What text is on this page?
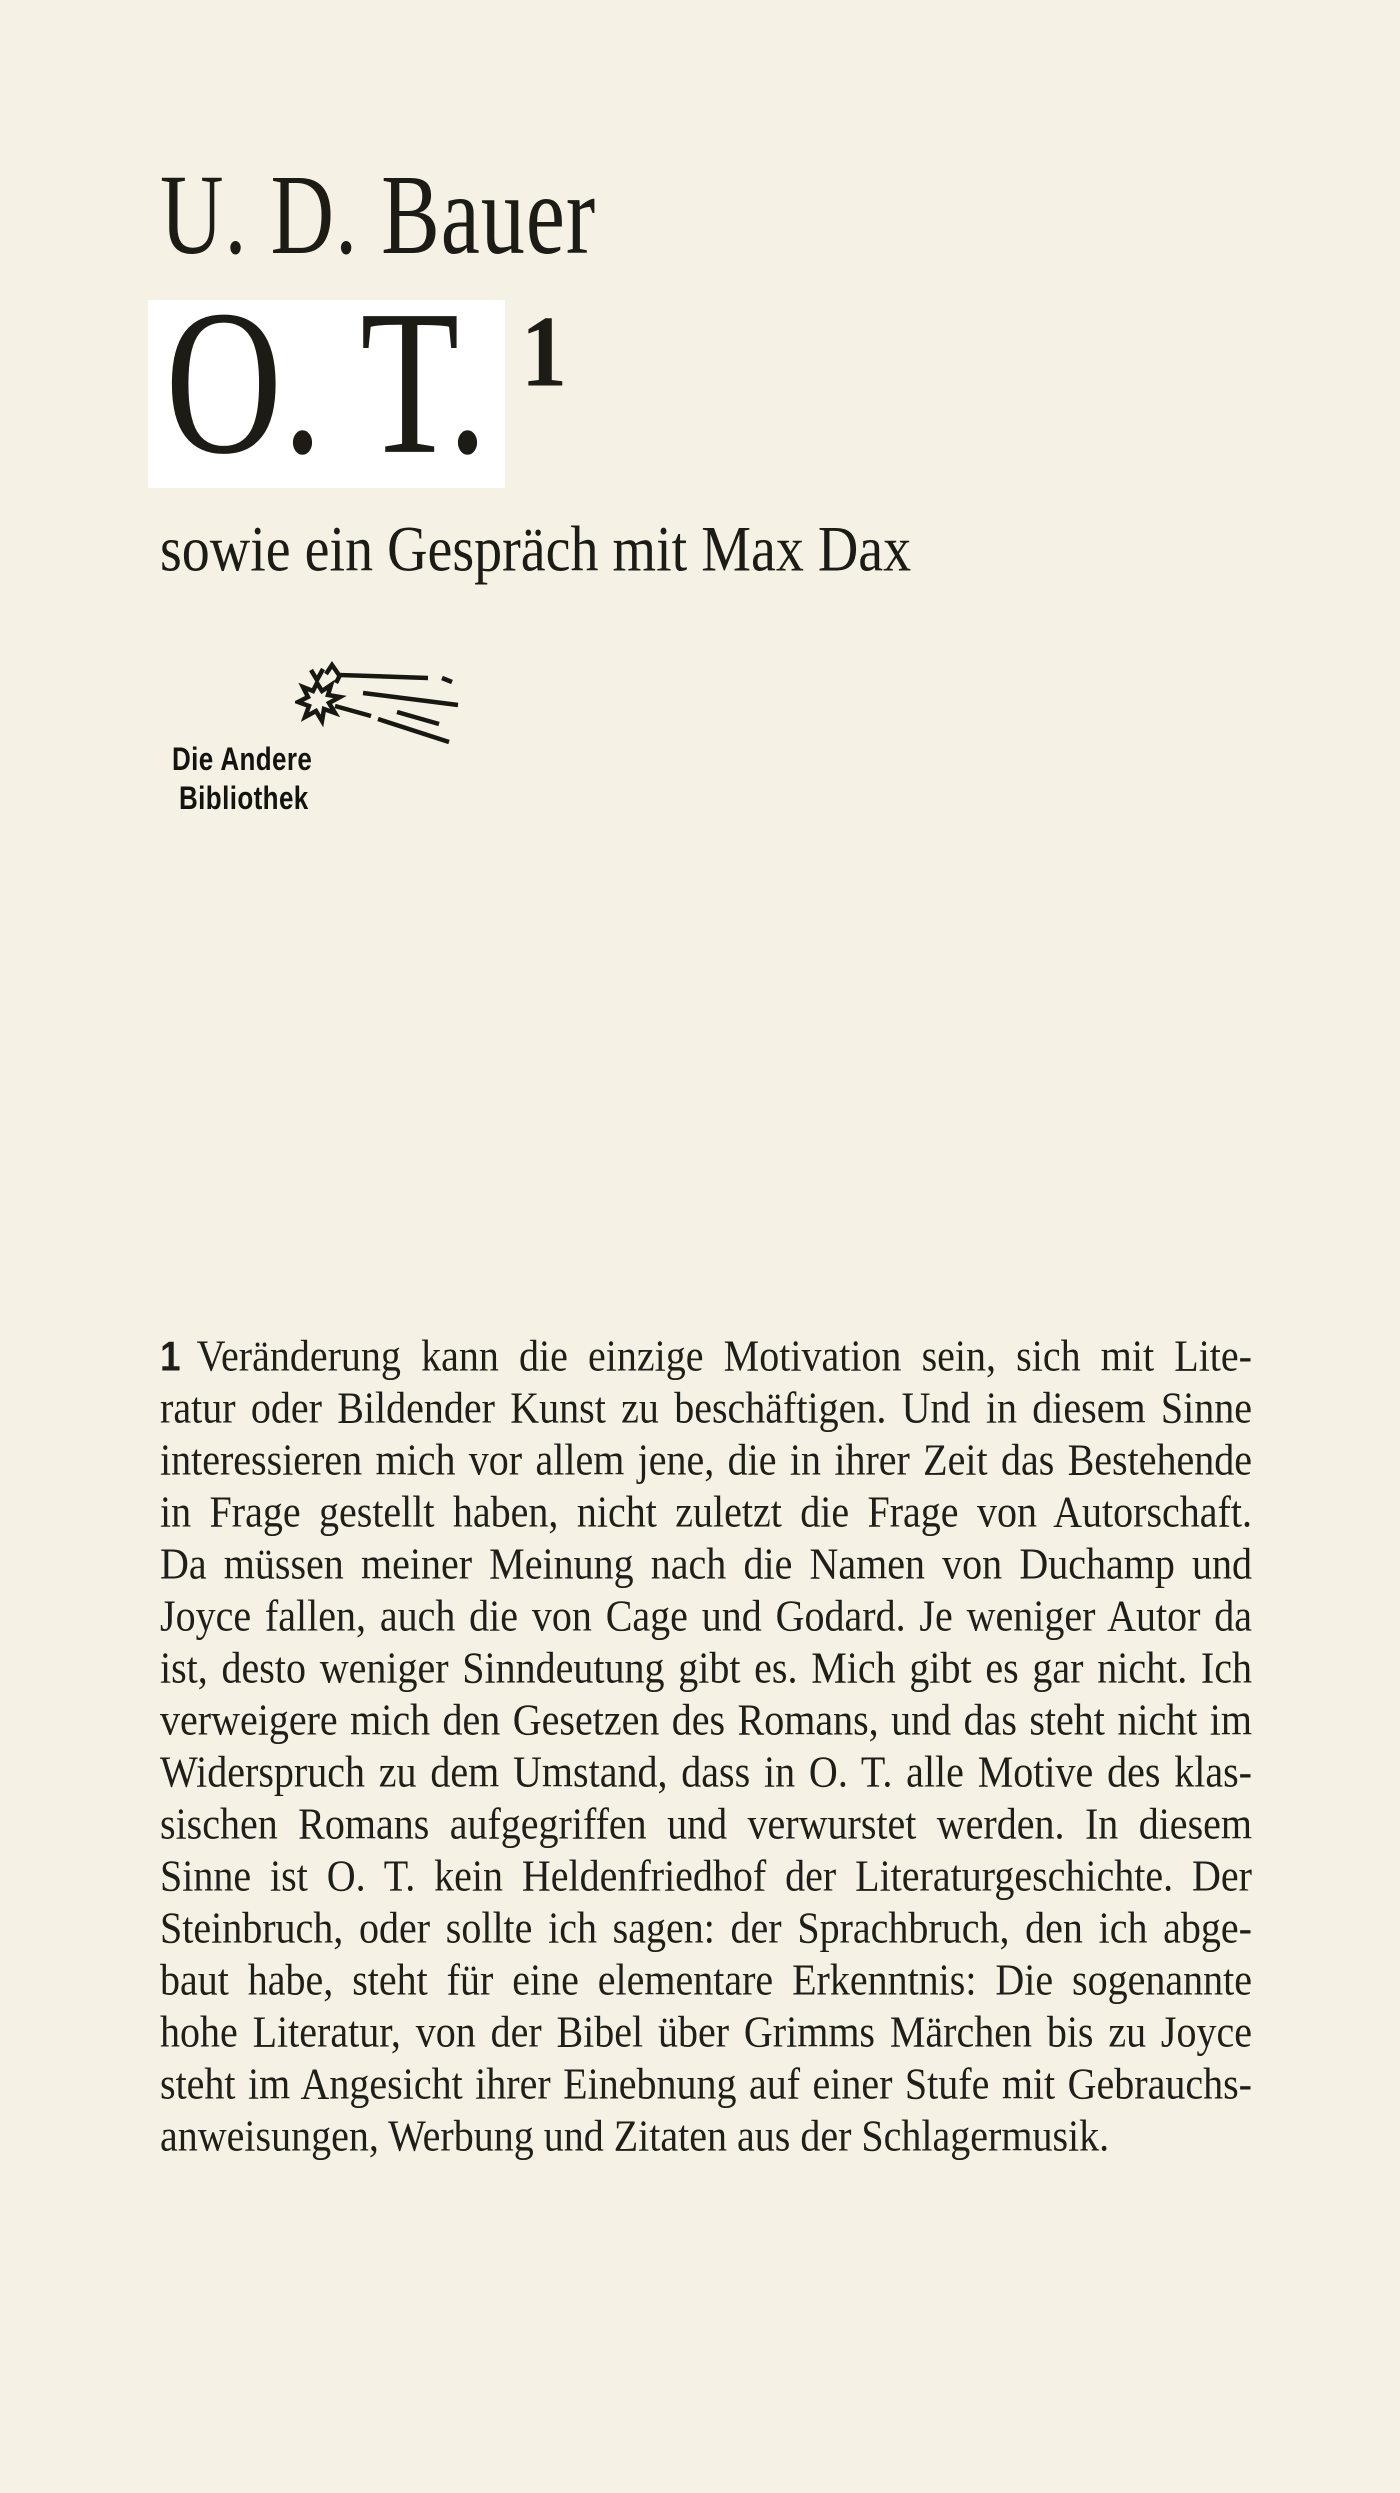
U. D. Bauer
O. T. 1
sowie ein Gespräch mit Max Dax
Die Andere
Bibliothek
1 Veränderung kann die einzige Motivation sein, sich mit Lite-
ratur oder Bildender Kunst zu beschäftigen. Und in diesem Sinne
interessieren mich vor allem jene, die in ihrer Zeit das Bestehende
in Frage gestellt haben, nicht zuletzt die Frage von Autorschaft.
Da müssen meiner Meinung nach die Namen von Duchamp und
Joyce fallen, auch die von Cage und Godard. Je weniger Autor da
ist, desto weniger Sinndeutung gibt es. Mich gibt es gar nicht. Ich
verweigere mich den Gesetzen des Romans, und das steht nicht im
Widerspruch zu dem Umstand, dass in O. T. alle Motive des klas-
sischen Romans aufgegriffen und verwurstet werden. In diesem
Sinne ist O. T. kein Heldenfriedhof der Literaturgeschichte. Der
Steinbruch, oder sollte ich sagen: der Sprachbruch, den ich abge-
baut habe, steht für eine elementare Erkenntnis: Die sogenannte
hohe Literatur, von der Bibel über Grimms Märchen bis zu Joyce
steht im Angesicht ihrer Einebnung auf einer Stufe mit Gebrauchs-
anweisungen, Werbung und Zitaten aus der Schlagermusik.
